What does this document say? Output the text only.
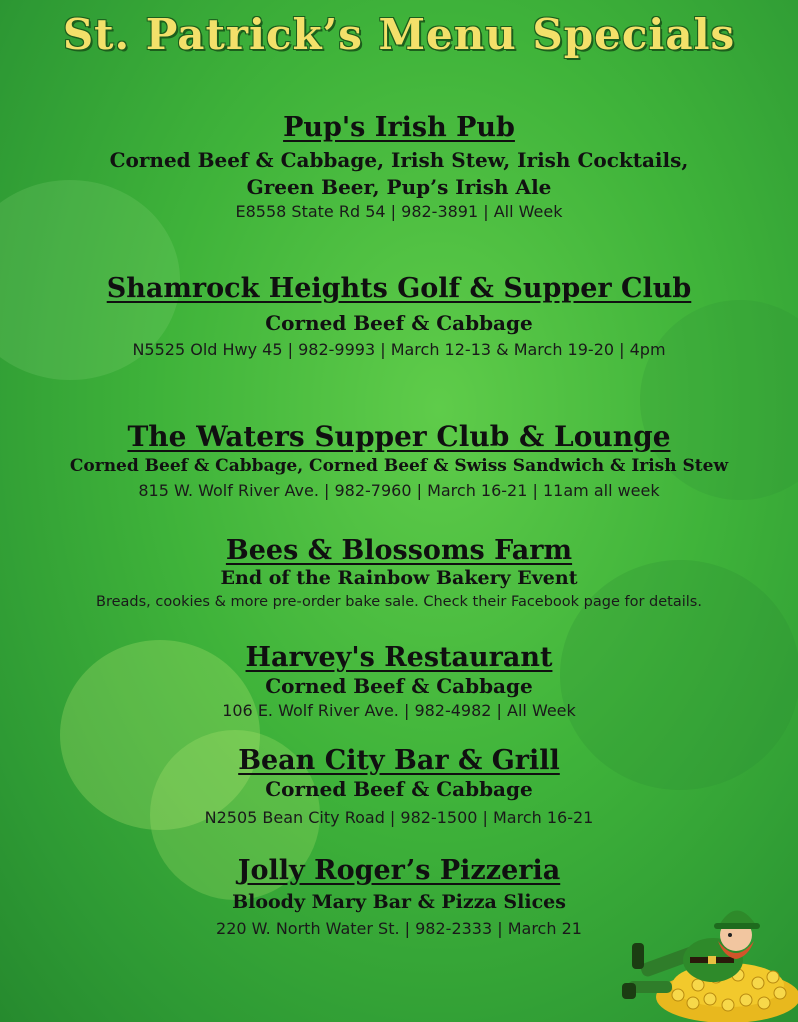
St. Patrick’s Menu Specials
Pup's Irish Pub
Corned Beef & Cabbage, Irish Stew, Irish Cocktails,
Green Beer, Pup’s Irish Ale
E8558 State Rd 54 | 982-3891 | All Week
Shamrock Heights Golf & Supper Club
Corned Beef & Cabbage
N5525 Old Hwy 45 | 982-9993 | March 12-13 & March 19-20 | 4pm
The Waters Supper Club & Lounge
Corned Beef & Cabbage, Corned Beef & Swiss Sandwich & Irish Stew
815 W. Wolf River Ave. | 982-7960 | March 16-21 | 11am all week
Bees & Blossoms Farm
End of the Rainbow Bakery Event
Breads, cookies & more pre-order bake sale. Check their Facebook page for details.
Harvey's Restaurant
Corned Beef & Cabbage
106 E. Wolf River Ave. | 982-4982 | All Week
Bean City Bar & Grill
Corned Beef & Cabbage
N2505 Bean City Road | 982-1500 | March 16-21
Jolly Roger’s Pizzeria
Bloody Mary Bar & Pizza Slices
220 W. North Water St. | 982-2333 | March 21
